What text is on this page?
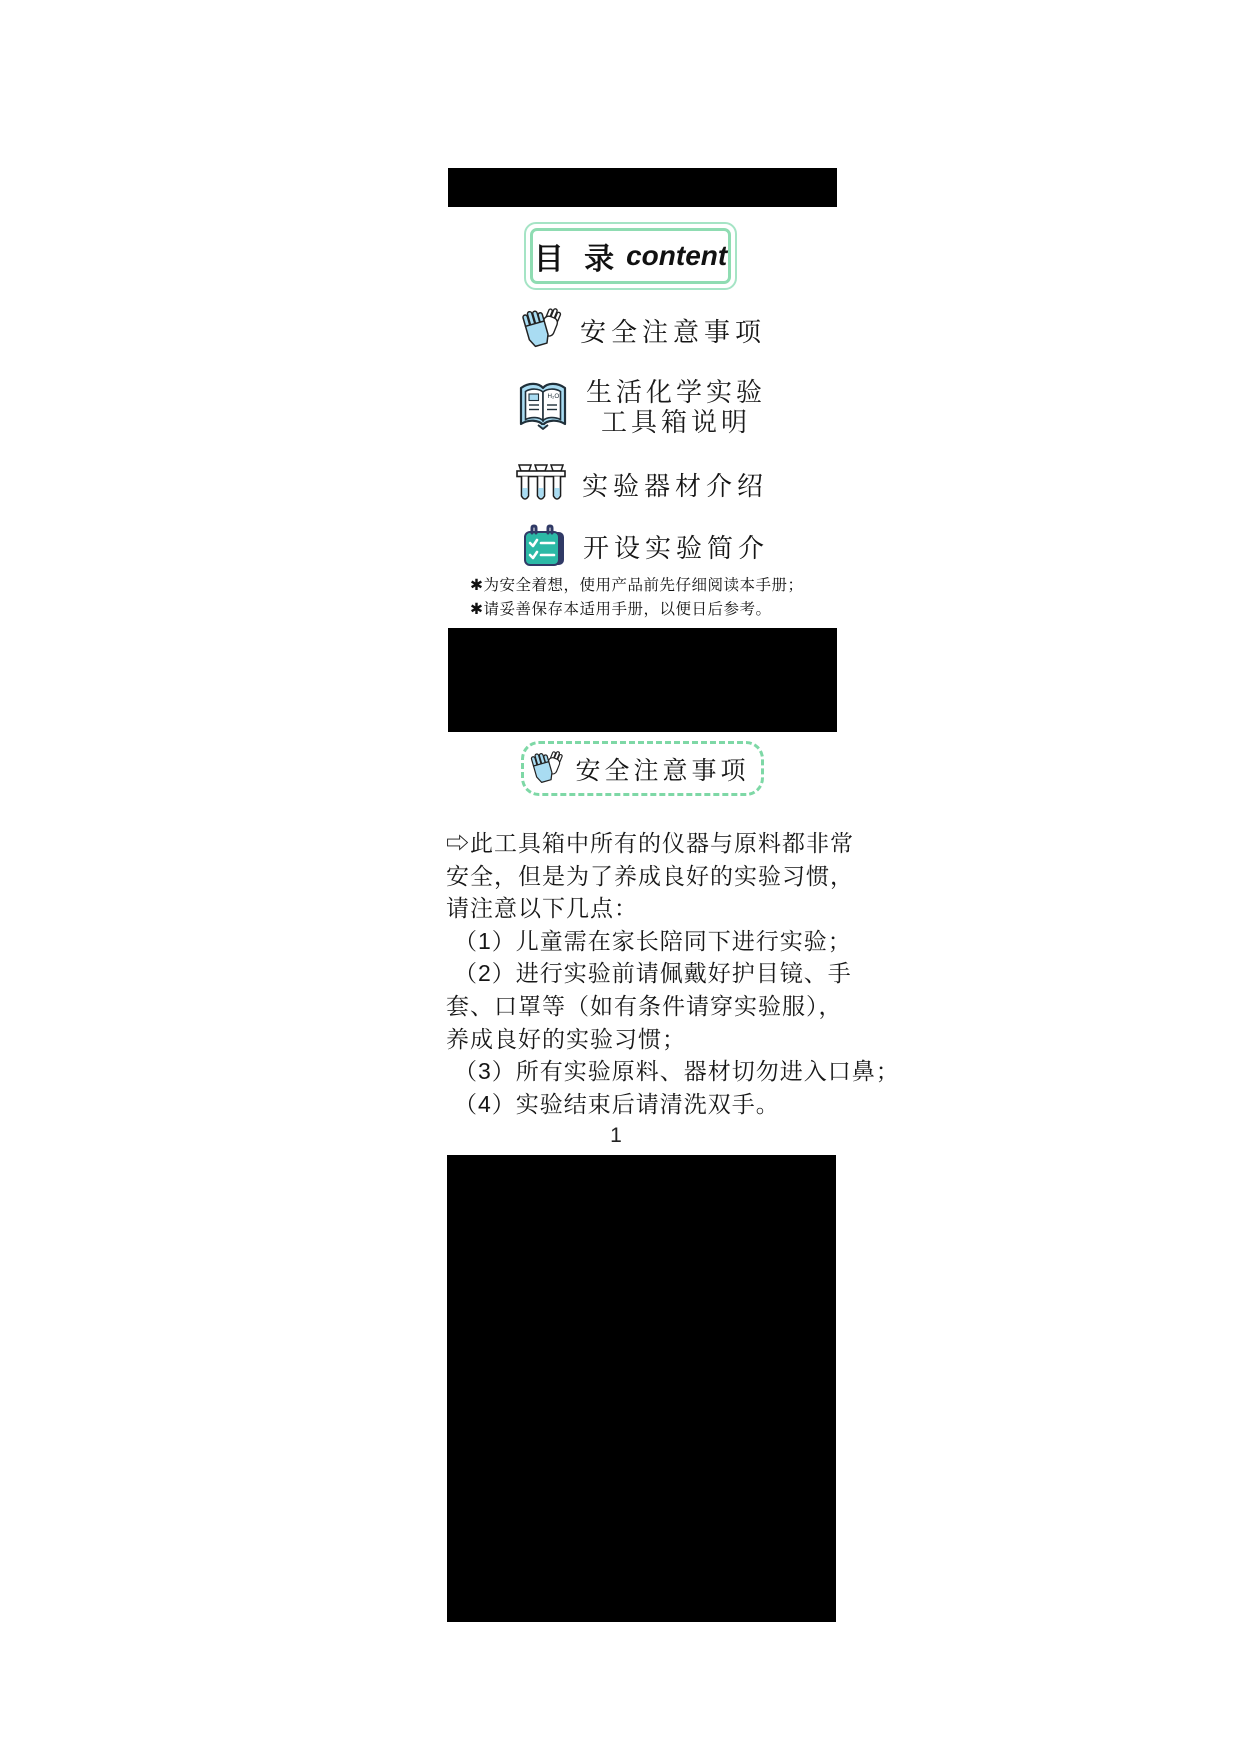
目 录 content
安全注意事项
H₂O 生活化学实验
工具箱说明
实验器材介绍
开设实验简介
✱为安全着想，使用产品前先仔细阅读本手册；
✱请妥善保存本适用手册，以便日后参考。
安全注意事项
⇨此工具箱中所有的仪器与原料都非常
安全，但是为了养成良好的实验习惯，
请注意以下几点：
（1）儿童需在家长陪同下进行实验；
（2）进行实验前请佩戴好护目镜、手
套、口罩等（如有条件请穿实验服），
养成良好的实验习惯；
（3）所有实验原料、器材切勿进入口鼻；
（4）实验结束后请清洗双手。
1
